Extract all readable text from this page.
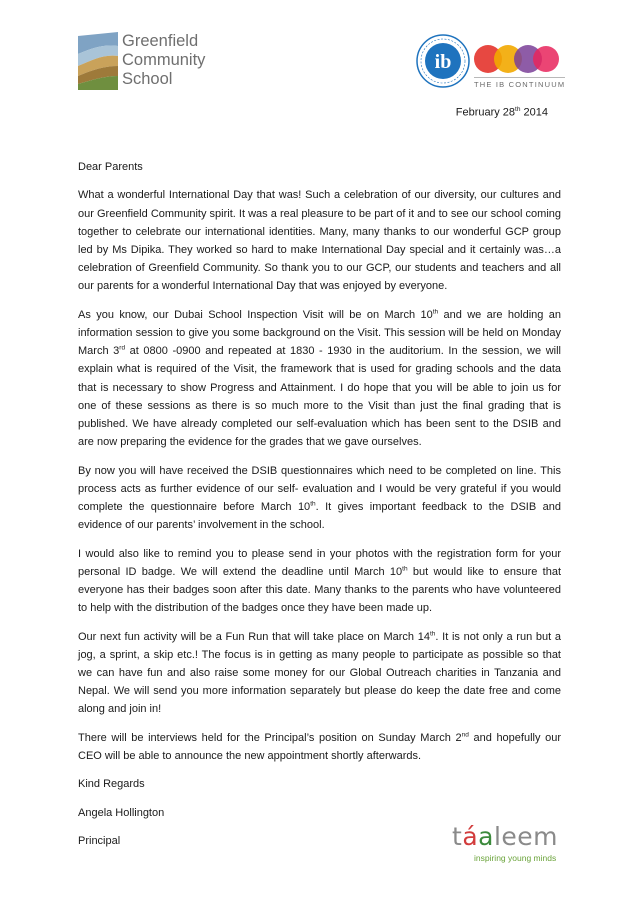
Greenfield
Community
School
ib
THE IB CONTINUUM
February 28th 2014

Dear Parents

What a wonderful International Day that was! Such a celebration of our diversity, our cultures and our Greenfield Community spirit. It was a real pleasure to be part of it and to see our school coming together to celebrate our international identities. Many, many thanks to our wonderful GCP group led by Ms Dipika. They worked so hard to make International Day special and it certainly was…a celebration of Greenfield Community. So thank you to our GCP, our students and teachers and all our parents for a wonderful International Day that was enjoyed by everyone.

As you know, our Dubai School Inspection Visit will be on March 10th and we are holding an information session to give you some background on the Visit. This session will be held on Monday March 3rd at 0800 -0900 and repeated at 1830 - 1930 in the auditorium. In the session, we will explain what is required of the Visit, the framework that is used for grading schools and the data that is necessary to show Progress and Attainment. I do hope that you will be able to join us for one of these sessions as there is so much more to the Visit than just the final grading that is published. We have already completed our self-evaluation which has been sent to the DSIB and are now preparing the evidence for the grades that we gave ourselves.

By now you will have received the DSIB questionnaires which need to be completed on line. This process acts as further evidence of our self- evaluation and I would be very grateful if you would complete the questionnaire before March 10th. It gives important feedback to the DSIB and evidence of our parents’ involvement in the school.

I would also like to remind you to please send in your photos with the registration form for your personal ID badge. We will extend the deadline until March 10th but would like to ensure that everyone has their badges soon after this date. Many thanks to the parents who have volunteered to help with the distribution of the badges once they have been made up.

Our next fun activity will be a Fun Run that will take place on March 14th. It is not only a run but a jog, a sprint, a skip etc.! The focus is in getting as many people to participate as possible so that we can have fun and also raise some money for our Global Outreach charities in Tanzania and Nepal. We will send you more information separately but please do keep the date free and come along and join in!

There will be interviews held for the Principal’s position on Sunday March 2nd and hopefully our CEO will be able to announce the new appointment shortly afterwards.

Kind Regards

Angela Hollington

Principal	táaleem
inspiring young minds
